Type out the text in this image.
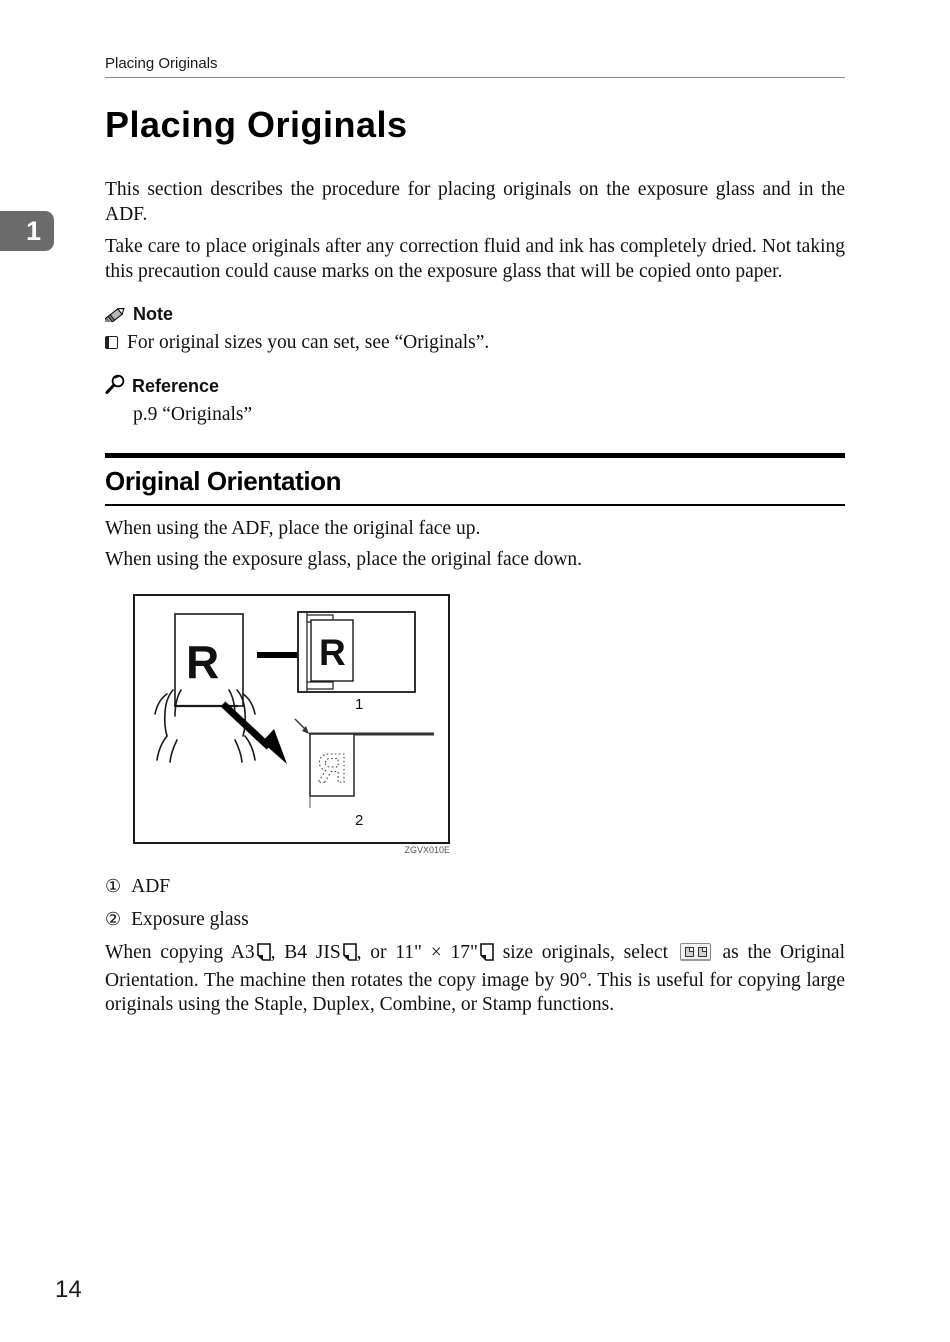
1
Placing Originals
Placing Originals

This section describes the procedure for placing originals on the exposure glass and in the ADF.

Take care to place originals after any correction fluid and ink has completely dried. Not taking this precaution could cause marks on the exposure glass that will be copied onto paper.

Note
For original sizes you can set, see “Originals”.
Reference
p.9 “Originals”
Original Orientation

When using the ADF, place the original face up.

When using the exposure glass, place the original face down.

R	R
1
R
2
ZGVX010E
① ADF
② Exposure glass

When copying A3 , B4 JIS , or 11" × 17" size originals, select
as the Original Orientation. The machine then rotates the copy image by 90°. This is useful for copying large originals using the Staple, Duplex, Combine, or Stamp functions.

14
